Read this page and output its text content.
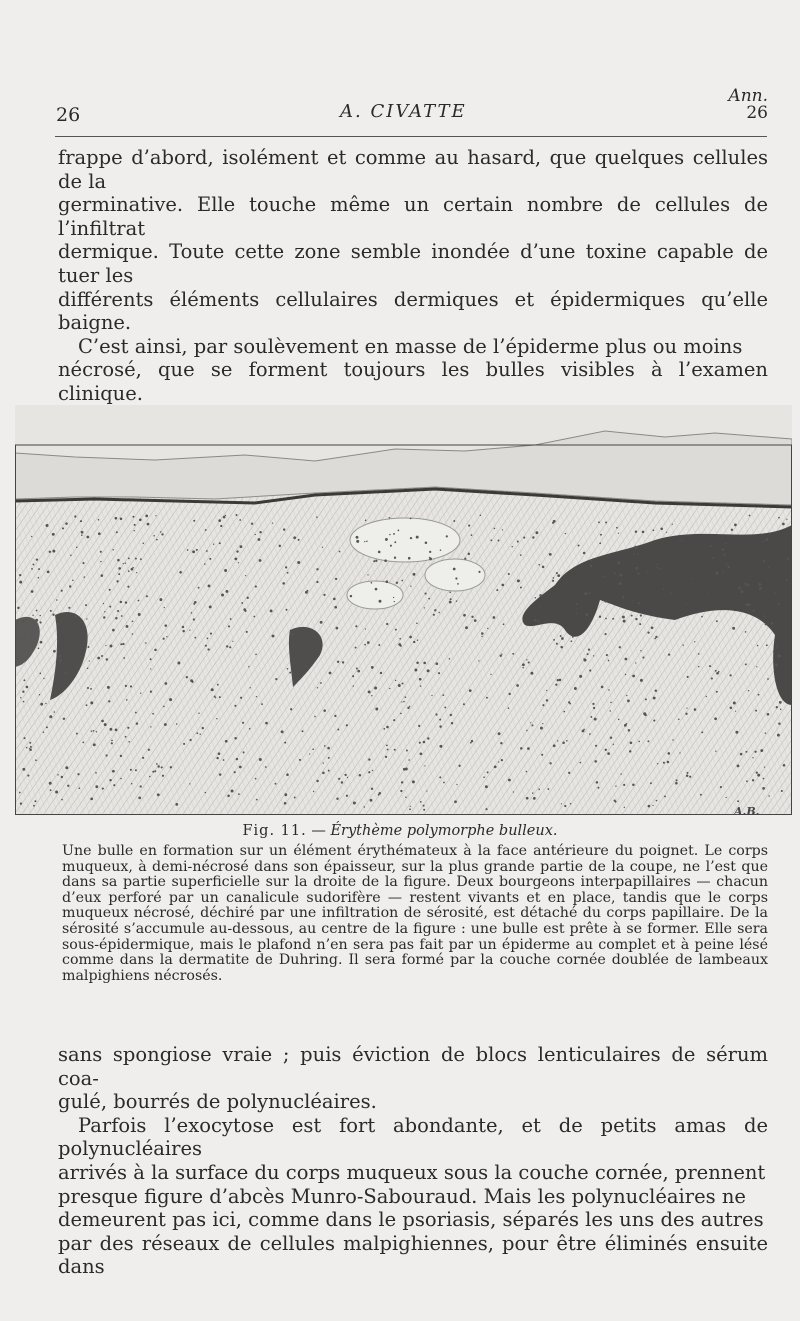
Ann.
26	A. CIVATTE	26

frappe d’abord, isolément et comme au hasard, que quelques cellules de la

germinative. Elle touche même un certain nombre de cellules de l’infiltrat

dermique. Toute cette zone semble inondée d’une toxine capable de tuer les

différents éléments cellulaires dermiques et épidermiques qu’elle baigne.

C’est ainsi, par soulèvement en masse de l’épiderme plus ou moins

nécrosé, que se forment toujours les bulles visibles à l’examen clinique.

A.B.
Fig. 11. — Érythème polymorphe bulleux.

Une bulle en formation sur un élément érythémateux à la face antérieure du poignet. Le corps muqueux, à demi-nécrosé dans son épaisseur, sur la plus grande partie de la coupe, ne l’est que dans sa partie superficielle sur la droite de la figure. Deux bourgeons interpapillaires — chacun d’eux perforé par un canalicule sudorifère — restent vivants et en place, tandis que le corps muqueux nécrosé, déchiré par une infiltration de sérosité, est détaché du corps papillaire. De la sérosité s’accumule au-dessous, au centre de la figure : une bulle est prête à se former. Elle sera sous-épidermique, mais le plafond n’en sera pas fait par un épiderme au complet et à peine lésé comme dans la dermatite de Duhring. Il sera formé par la couche cornée doublée de lambeaux malpighiens nécrosés.

sans spongiose vraie ; puis éviction de blocs lenticulaires de sérum coa-

gulé, bourrés de polynucléaires.

Parfois l’exocytose est fort abondante, et de petits amas de polynucléaires

arrivés à la surface du corps muqueux sous la couche cornée, prennent

presque figure d’abcès Munro-Sabouraud. Mais les polynucléaires ne

demeurent pas ici, comme dans le psoriasis, séparés les uns des autres

par des réseaux de cellules malpighiennes, pour être éliminés ensuite dans
